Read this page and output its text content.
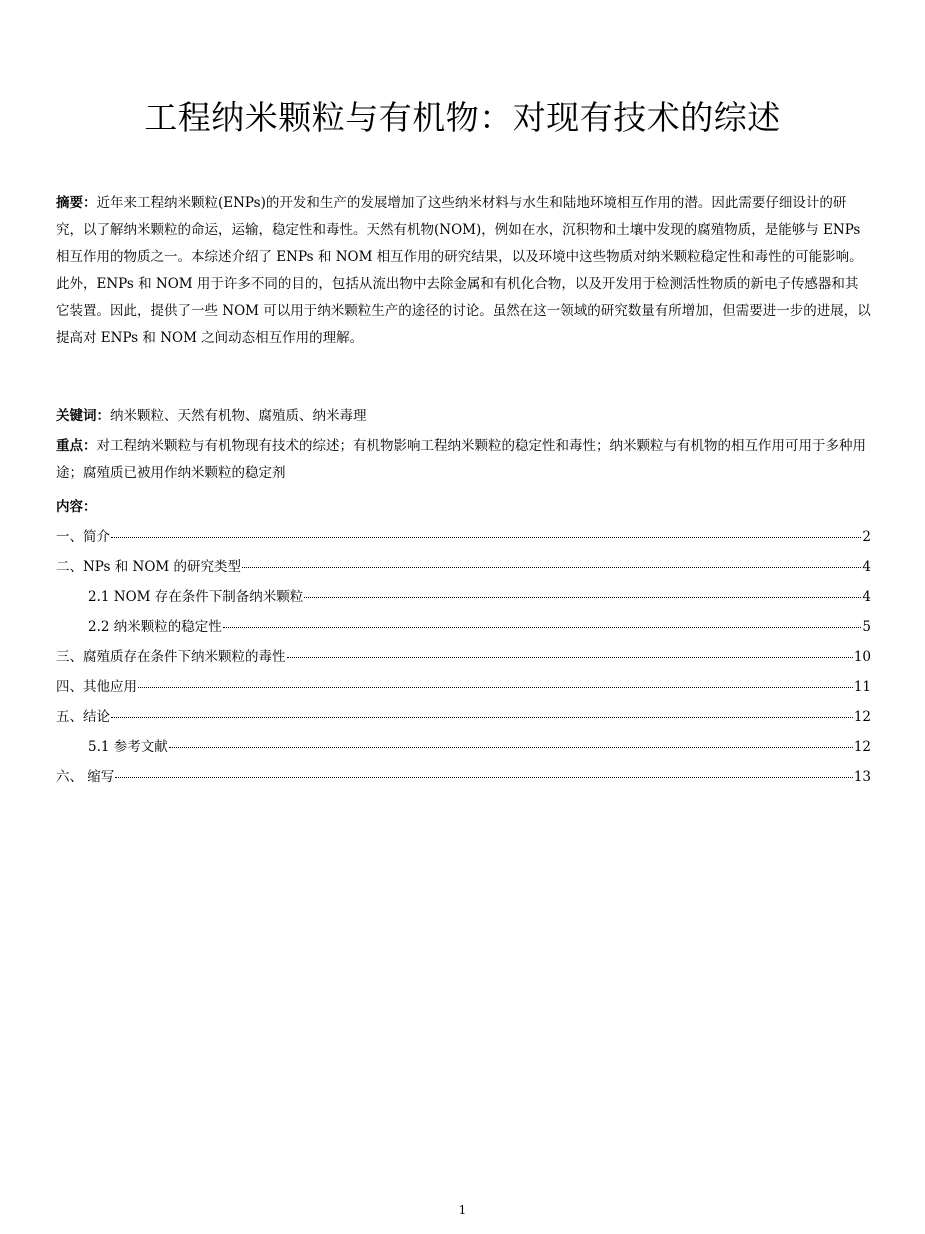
工程纳米颗粒与有机物：对现有技术的综述
摘要：近年来工程纳米颗粒(ENPs)的开发和生产的发展增加了这些纳米材料与水生和陆地环境相互作用的潜。因此需要仔细设计的研究，以了解纳米颗粒的命运，运输，稳定性和毒性。天然有机物(NOM)，例如在水，沉积物和土壤中发现的腐殖物质，是能够与 ENPs 相互作用的物质之一。本综述介绍了 ENPs 和 NOM 相互作用的研究结果，以及环境中这些物质对纳米颗粒稳定性和毒性的可能影响。此外，ENPs 和 NOM 用于许多不同的目的，包括从流出物中去除金属和有机化合物，以及开发用于检测活性物质的新电子传感器和其它装置。因此，提供了一些 NOM 可以用于纳米颗粒生产的途径的讨论。虽然在这一领域的研究数量有所增加，但需要进一步的进展，以提高对 ENPs 和 NOM 之间动态相互作用的理解。
关键词：纳米颗粒、天然有机物、腐殖质、纳米毒理
重点：对工程纳米颗粒与有机物现有技术的综述；有机物影响工程纳米颗粒的稳定性和毒性；纳米颗粒与有机物的相互作用可用于多种用途；腐殖质已被用作纳米颗粒的稳定剂
内容：
一、简介	2
二、NPs 和 NOM 的研究类型	4
2.1 NOM 存在条件下制备纳米颗粒	4
2.2 纳米颗粒的稳定性	5
三、腐殖质存在条件下纳米颗粒的毒性	10
四、其他应用	11
五、结论	12
5.1 参考文献	12
六、 缩写	13
1
